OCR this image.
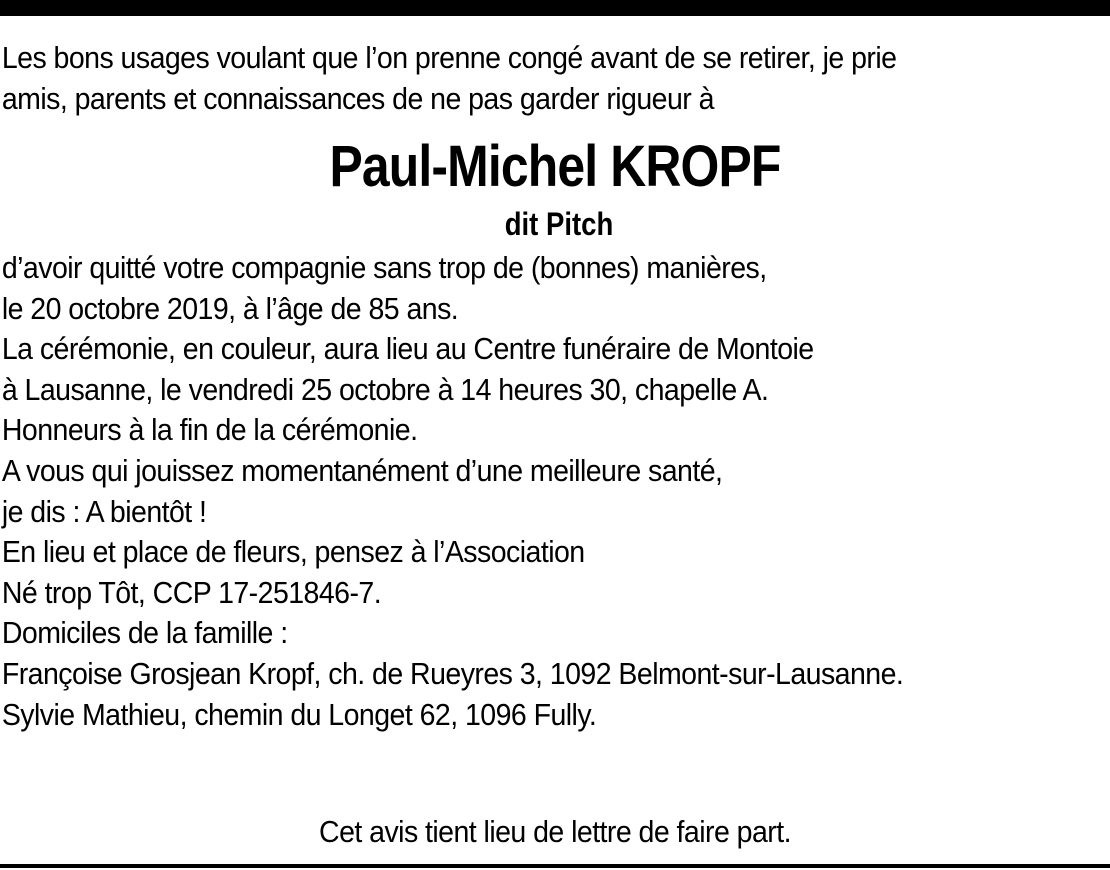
Les bons usages voulant que l’on prenne congé avant de se retirer, je prie
amis, parents et connaissances de ne pas garder rigueur à
Paul-Michel KROPF
dit Pitch
d’avoir quitté votre compagnie sans trop de (bonnes) manières,
le 20 octobre 2019, à l’âge de 85 ans.
La cérémonie, en couleur, aura lieu au Centre funéraire de Montoie
à Lausanne, le vendredi 25 octobre à 14 heures 30, chapelle A.
Honneurs à la fin de la cérémonie.
A vous qui jouissez momentanément d’une meilleure santé,
je dis : A bientôt !
En lieu et place de fleurs, pensez à l’Association
Né trop Tôt, CCP 17-251846-7.
Domiciles de la famille :
Françoise Grosjean Kropf, ch. de Rueyres 3, 1092 Belmont-sur-Lausanne.
Sylvie Mathieu, chemin du Longet 62, 1096 Fully.
Cet avis tient lieu de lettre de faire part.
